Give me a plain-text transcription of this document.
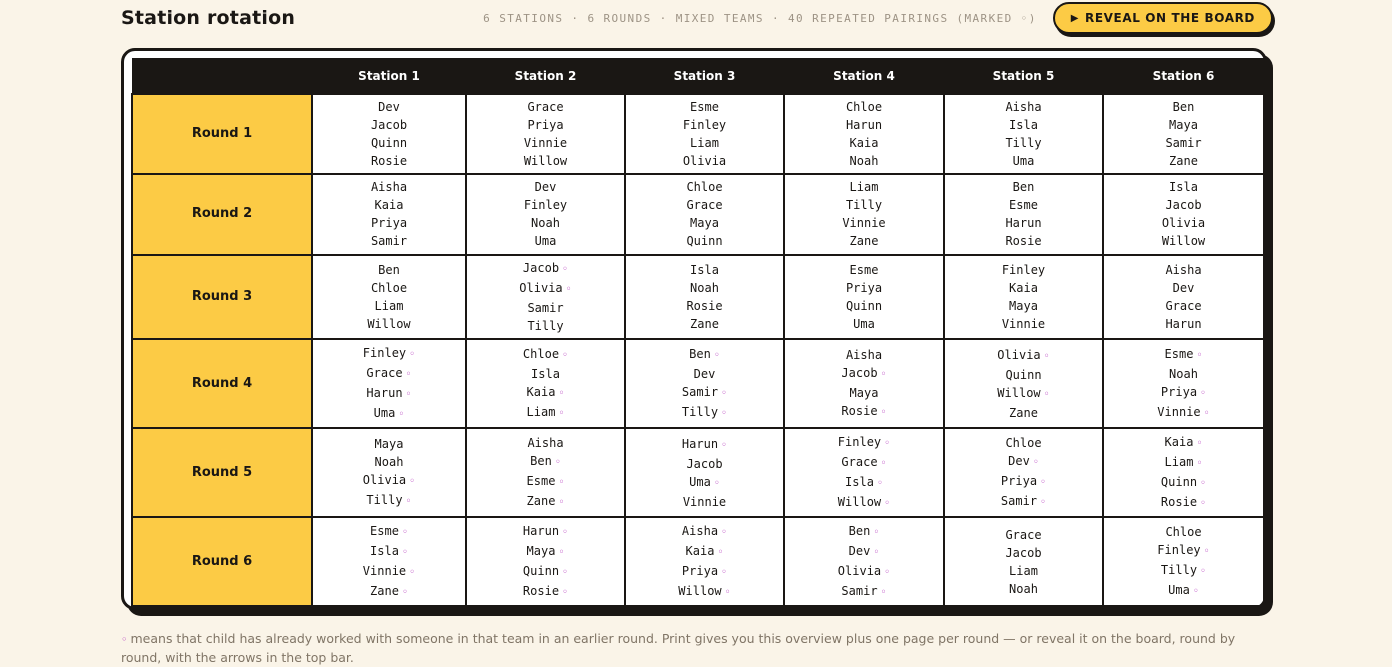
Station rotation	6 STATIONS · 6 ROUNDS · MIXED TEAMS · 40 REPEATED PAIRINGS (MARKED ◦)	▶ REVEAL ON THE BOARD
	Station 1	Station 2	Station 3	Station 4	Station 5	Station 6
Round 1	Dev
Jacob
Quinn
Rosie	Grace
Priya
Vinnie
Willow	Esme
Finley
Liam
Olivia	Chloe
Harun
Kaia
Noah	Aisha
Isla
Tilly
Uma	Ben
Maya
Samir
Zane

Round 2	Aisha
Kaia
Priya
Samir	Dev
Finley
Noah
Uma	Chloe
Grace
Maya
Quinn	Liam
Tilly
Vinnie
Zane	Ben
Esme
Harun
Rosie	Isla
Jacob
Olivia
Willow

Round 3	Ben
Chloe
Liam
Willow	Jacob ◦
Olivia ◦
Samir
Tilly	Isla
Noah
Rosie
Zane	Esme
Priya
Quinn
Uma	Finley
Kaia
Maya
Vinnie	Aisha
Dev
Grace
Harun

Round 4	Finley ◦
Grace ◦
Harun ◦
Uma ◦	Chloe ◦
Isla
Kaia ◦
Liam ◦	Ben ◦
Dev
Samir ◦
Tilly ◦	Aisha
Jacob ◦
Maya
Rosie ◦	Olivia ◦
Quinn
Willow ◦
Zane	Esme ◦
Noah
Priya ◦
Vinnie ◦

Round 5	Maya
Noah
Olivia ◦
Tilly ◦	Aisha
Ben ◦
Esme ◦
Zane ◦	Harun ◦
Jacob
Uma ◦
Vinnie	Finley ◦
Grace ◦
Isla ◦
Willow ◦	Chloe
Dev ◦
Priya ◦
Samir ◦	Kaia ◦
Liam ◦
Quinn ◦
Rosie ◦

Round 6	Esme ◦
Isla ◦
Vinnie ◦
Zane ◦	Harun ◦
Maya ◦
Quinn ◦
Rosie ◦	Aisha ◦
Kaia ◦
Priya ◦
Willow ◦	Ben ◦
Dev ◦
Olivia ◦
Samir ◦	Grace
Jacob
Liam
Noah	Chloe
Finley ◦
Tilly ◦
Uma ◦
◦ means that child has already worked with someone in that team in an earlier round. Print gives you this overview plus one page per round — or reveal it on the board, round by round, with the arrows in the top bar.
